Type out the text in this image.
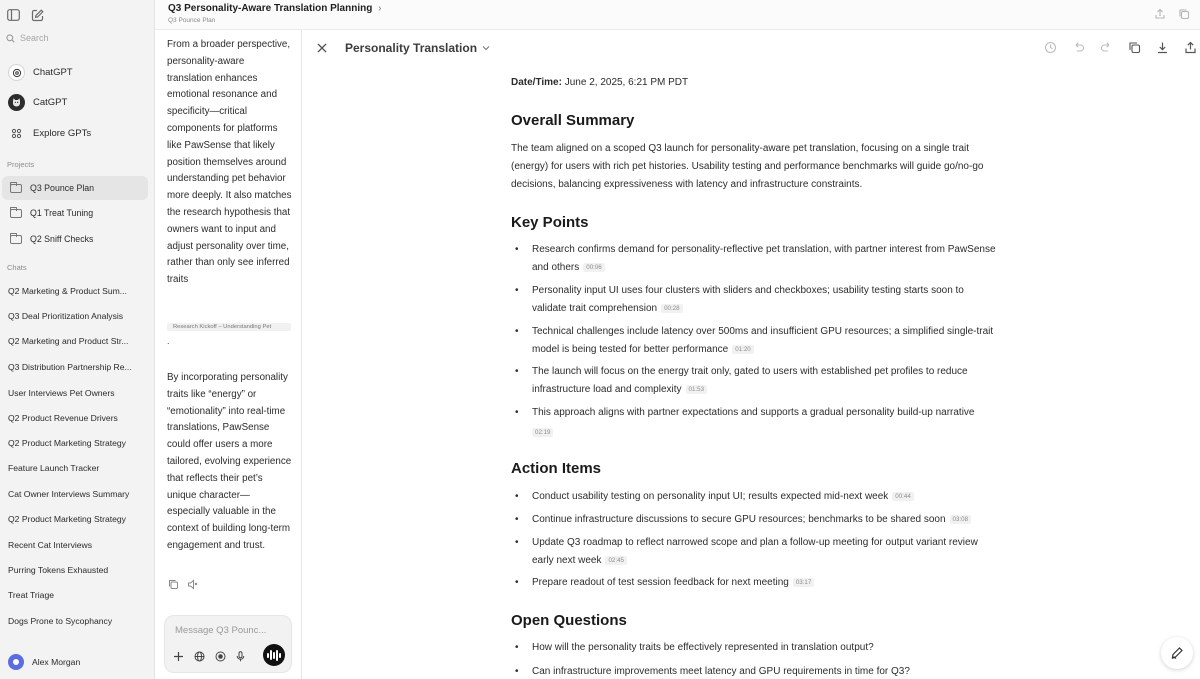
Search
ChatGPT
CatGPT
Explore GPTs
Projects
Q3 Pounce Plan
Q1 Treat Tuning
Q2 Sniff Checks
Chats
Q2 Marketing & Product Sum...
Q3 Deal Prioritization Analysis
Q2 Marketing and Product Str...
Q3 Distribution Partnership Re...
User Interviews Pet Owners
Q2 Product Revenue Drivers
Q2 Product Marketing Strategy
Feature Launch Tracker
Cat Owner Interviews Summary
Q2 Product Marketing Strategy
Recent Cat Interviews
Purring Tokens Exhausted
Treat Triage
Dogs Prone to Sycophancy
Alex Morgan
Q3 Personality-Aware Translation Planning ›
Q3 Pounce Plan
From a broader perspective, personality-aware translation enhances emotional resonance and specificity—critical components for platforms like PawSense that likely position themselves around understanding pet behavior more deeply. It also matches the research hypothesis that owners want to input and adjust personality over time, rather than only see inferred traits
Research Kickoff – Understanding Pet
.
By incorporating personality traits like “energy” or “emotionality” into real-time translations, PawSense could offer users a more tailored, evolving experience that reflects their pet’s unique character—especially valuable in the context of building long-term engagement and trust.
Message Q3 Pounc...
Personality Translation
Date/Time: June 2, 2025, 6:21 PM PDT
Overall Summary
The team aligned on a scoped Q3 launch for personality-aware pet translation, focusing on a single trait (energy) for users with rich pet histories. Usability testing and performance benchmarks will guide go/no-go decisions, balancing expressiveness with latency and infrastructure constraints.
Key Points
• Research confirms demand for personality-reflective pet translation, with partner interest from PawSense and others 00:06
• Personality input UI uses four clusters with sliders and checkboxes; usability testing starts soon to validate trait comprehension 00:28
• Technical challenges include latency over 500ms and insufficient GPU resources; a simplified single-trait model is being tested for better performance 01:20
• The launch will focus on the energy trait only, gated to users with established pet profiles to reduce infrastructure load and complexity 01:53
• This approach aligns with partner expectations and supports a gradual personality build-up narrative
02:19
Action Items
• Conduct usability testing on personality input UI; results expected mid-next week 00:44
• Continue infrastructure discussions to secure GPU resources; benchmarks to be shared soon 03:08
• Update Q3 roadmap to reflect narrowed scope and plan a follow-up meeting for output variant review early next week 02:45
• Prepare readout of test session feedback for next meeting 03:17
Open Questions
• How will the personality traits be effectively represented in translation output?
• Can infrastructure improvements meet latency and GPU requirements in time for Q3?
